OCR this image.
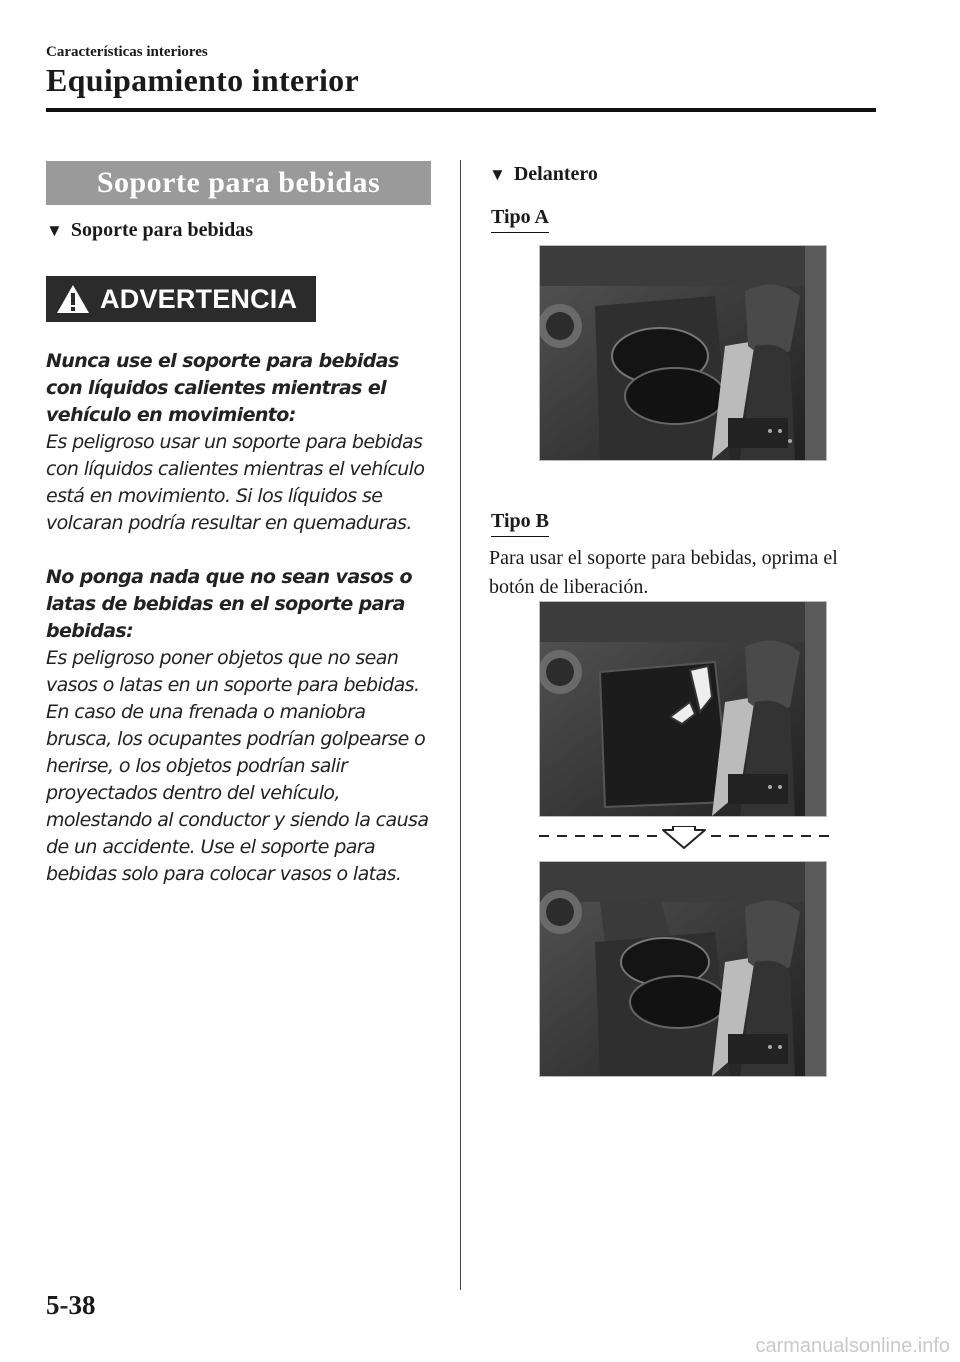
Características interiores
Equipamiento interior
Soporte para bebidas
▼ Soporte para bebidas
ADVERTENCIA

Nunca use el soporte para bebidas con líquidos calientes mientras el vehículo en movimiento:

Es peligroso usar un soporte para bebidas con líquidos calientes mientras el vehículo está en movimiento. Si los líquidos se volcaran podría resultar en quemaduras.

No ponga nada que no sean vasos o latas de bebidas en el soporte para bebidas:

Es peligroso poner objetos que no sean vasos o latas en un soporte para bebidas. En caso de una frenada o maniobra brusca, los ocupantes podrían golpearse o herirse, o los objetos podrían salir proyectados dentro del vehículo, molestando al conductor y siendo la causa de un accidente. Use el soporte para bebidas solo para colocar vasos o latas.

▼ Delantero
Tipo A
Tipo B
Para usar el soporte para bebidas, oprima el botón de liberación.
5-38
carmanualsonline.info
